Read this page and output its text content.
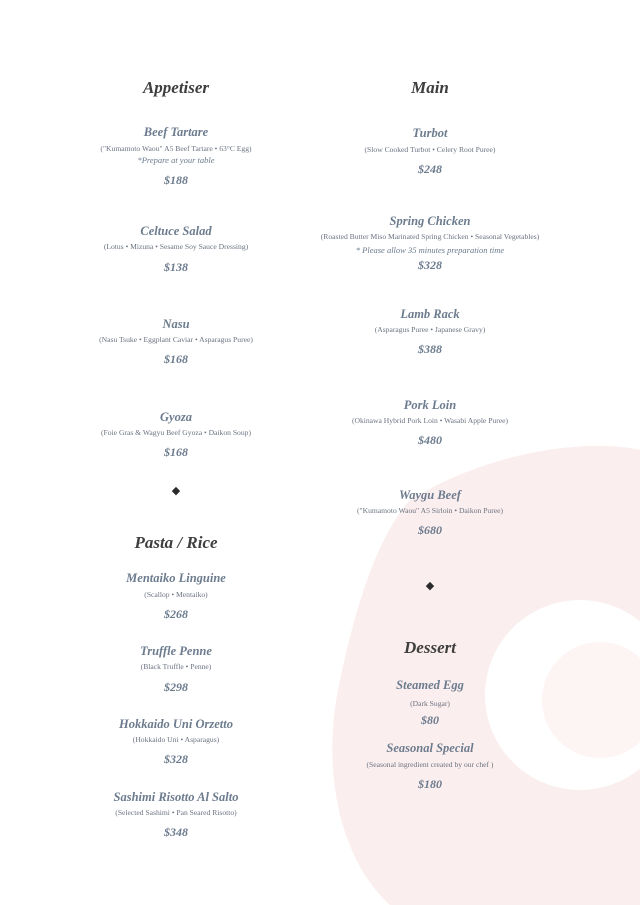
Appetiser
Beef Tartare
("Kumamoto Waou" A5 Beef Tartare • 63°C Egg)
*Prepare at your table
$188
Celtuce Salad
(Lotus • Mizuna • Sesame Soy Sauce Dressing)
$138
Nasu
(Nasu Tsuke • Eggplant Caviar • Asparagus Puree)
$168
Gyoza
(Foie Gras & Wagyu Beef Gyoza • Daikon Soup)
$168
◆
Pasta / Rice
Mentaiko Linguine
(Scallop • Mentaiko)
$268
Truffle Penne
(Black Truffle • Penne)
$298
Hokkaido Uni Orzetto
(Hokkaido Uni • Asparagus)
$328
Sashimi Risotto Al Salto
(Selected Sashimi • Pan Seared Risotto)
$348
Main
Turbot
(Slow Cooked Turbot • Celery Root Puree)
$248
Spring Chicken
(Roasted Butter Miso Marinated Spring Chicken • Seasonal Vegetables)
* Please allow 35 minutes preparation time
$328
Lamb Rack
(Asparagus Puree • Japanese Gravy)
$388
Pork Loin
(Okinawa Hybrid Pork Loin • Wasabi Apple Puree)
$480
Waygu Beef
("Kumamoto Waou" A5 Sirloin • Daikon Puree)
$680
◆
Dessert
Steamed Egg
(Dark Sugar)
$80
Seasonal Special
(Seasonal ingredient created by our chef )
$180
